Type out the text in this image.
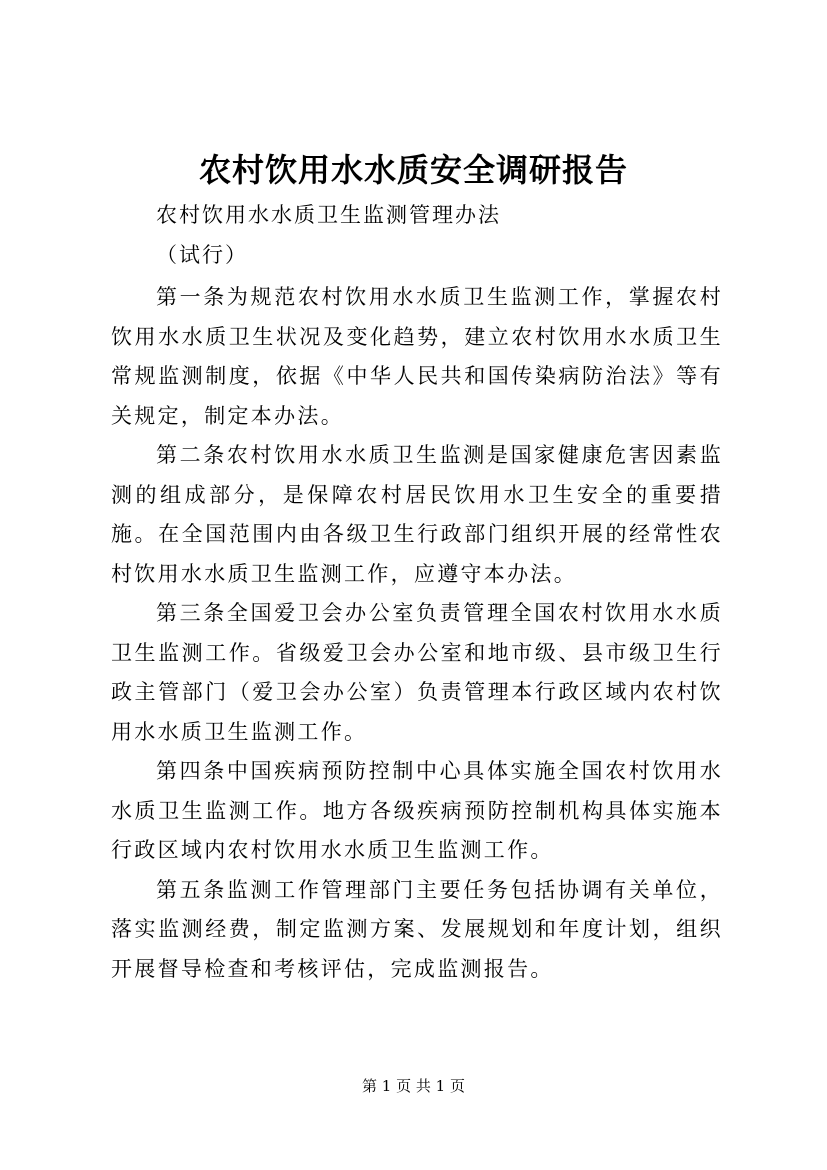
农村饮用水水质安全调研报告

农村饮用水水质卫生监测管理办法

（试行）

第一条为规范农村饮用水水质卫生监测工作，掌握农村饮用水水质卫生状况及变化趋势，建立农村饮用水水质卫生常规监测制度，依据《中华人民共和国传染病防治法》等有关规定，制定本办法。

第二条农村饮用水水质卫生监测是国家健康危害因素监测的组成部分，是保障农村居民饮用水卫生安全的重要措施。在全国范围内由各级卫生行政部门组织开展的经常性农村饮用水水质卫生监测工作，应遵守本办法。

第三条全国爱卫会办公室负责管理全国农村饮用水水质卫生监测工作。省级爱卫会办公室和地市级、县市级卫生行政主管部门（爱卫会办公室）负责管理本行政区域内农村饮用水水质卫生监测工作。

第四条中国疾病预防控制中心具体实施全国农村饮用水水质卫生监测工作。地方各级疾病预防控制机构具体实施本行政区域内农村饮用水水质卫生监测工作。

第五条监测工作管理部门主要任务包括协调有关单位，落实监测经费，制定监测方案、发展规划和年度计划，组织开展督导检查和考核评估，完成监测报告。

第 1 页 共 1 页
